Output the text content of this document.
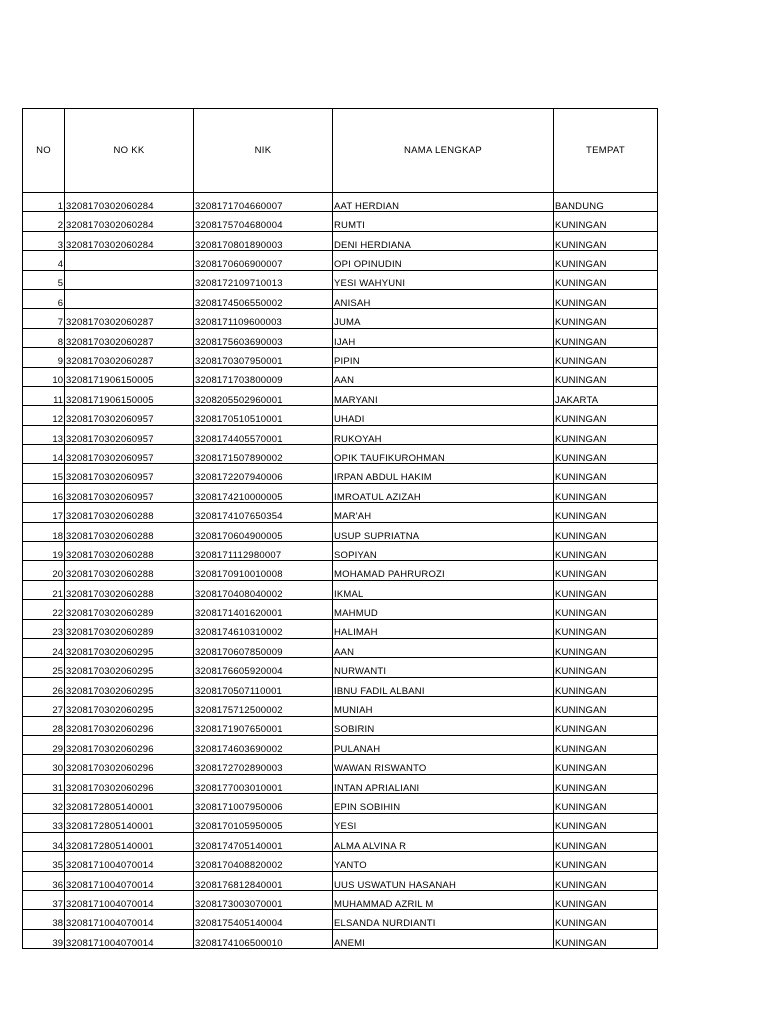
NO	NO KK	NIK	NAMA LENGKAP	TEMPAT
1	3208170302060284	3208171704660007	AAT HERDIAN	BANDUNG
2	3208170302060284	3208175704680004	RUMTI	KUNINGAN
3	3208170302060284	3208170801890003	DENI HERDIANA	KUNINGAN
4		3208170606900007	OPI OPINUDIN	KUNINGAN
5		3208172109710013	YESI WAHYUNI	KUNINGAN
6		3208174506550002	ANISAH	KUNINGAN
7	3208170302060287	3208171109600003	JUMA	KUNINGAN
8	3208170302060287	3208175603690003	IJAH	KUNINGAN
9	3208170302060287	3208170307950001	PIPIN	KUNINGAN
10	3208171906150005	3208171703800009	AAN	KUNINGAN
11	3208171906150005	3208205502960001	MARYANI	JAKARTA
12	3208170302060957	3208170510510001	UHADI	KUNINGAN
13	3208170302060957	3208174405570001	RUKOYAH	KUNINGAN
14	3208170302060957	3208171507890002	OPIK TAUFIKUROHMAN	KUNINGAN
15	3208170302060957	3208172207940006	IRPAN ABDUL HAKIM	KUNINGAN
16	3208170302060957	3208174210000005	IMROATUL AZIZAH	KUNINGAN
17	3208170302060288	3208174107650354	MAR'AH	KUNINGAN
18	3208170302060288	3208170604900005	USUP SUPRIATNA	KUNINGAN
19	3208170302060288	3208171112980007	SOPIYAN	KUNINGAN
20	3208170302060288	3208170910010008	MOHAMAD PAHRUROZI	KUNINGAN
21	3208170302060288	3208170408040002	IKMAL	KUNINGAN
22	3208170302060289	3208171401620001	MAHMUD	KUNINGAN
23	3208170302060289	3208174610310002	HALIMAH	KUNINGAN
24	3208170302060295	3208170607850009	AAN	KUNINGAN
25	3208170302060295	3208176605920004	NURWANTI	KUNINGAN
26	3208170302060295	3208170507110001	IBNU FADIL ALBANI	KUNINGAN
27	3208170302060295	3208175712500002	MUNIAH	KUNINGAN
28	3208170302060296	3208171907650001	SOBIRIN	KUNINGAN
29	3208170302060296	3208174603690002	PULANAH	KUNINGAN
30	3208170302060296	3208172702890003	WAWAN RISWANTO	KUNINGAN
31	3208170302060296	3208177003010001	INTAN APRIALIANI	KUNINGAN
32	3208172805140001	3208171007950006	EPIN SOBIHIN	KUNINGAN
33	3208172805140001	3208170105950005	YESI	KUNINGAN
34	3208172805140001	3208174705140001	ALMA ALVINA R	KUNINGAN
35	3208171004070014	3208170408820002	YANTO	KUNINGAN
36	3208171004070014	3208176812840001	UUS USWATUN HASANAH	KUNINGAN
37	3208171004070014	3208173003070001	MUHAMMAD AZRIL M	KUNINGAN
38	3208171004070014	3208175405140004	ELSANDA NURDIANTI	KUNINGAN
39	3208171004070014	3208174106500010	ANEMI	KUNINGAN
